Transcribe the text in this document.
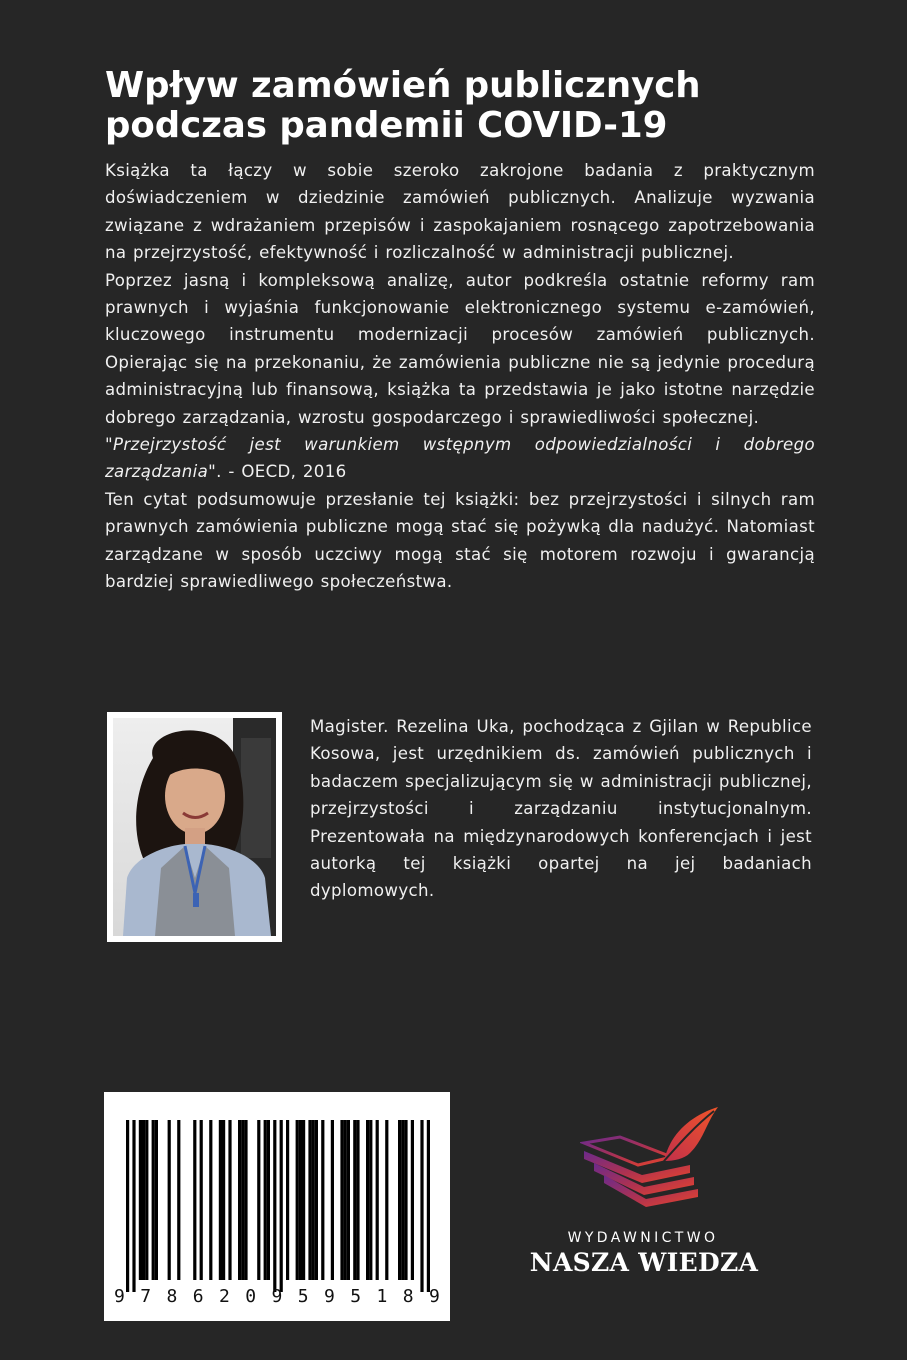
Wpływ zamówień publicznych
podczas pandemii COVID-19

Książka ta łączy w sobie szeroko zakrojone badania z praktycznym doświadczeniem w dziedzinie zamówień publicznych. Analizuje wyzwania związane z wdrażaniem przepisów i zaspokajaniem rosnącego zapotrzebowania na przejrzystość, efektywność i rozliczalność w administracji publicznej.

Poprzez jasną i kompleksową analizę, autor podkreśla ostatnie reformy ram prawnych i wyjaśnia funkcjonowanie elektronicznego systemu e-zamówień, kluczowego instrumentu modernizacji procesów zamówień publicznych. Opierając się na przekonaniu, że zamówienia publiczne nie są jedynie procedurą administracyjną lub finansową, książka ta przedstawia je jako istotne narzędzie dobrego zarządzania, wzrostu gospodarczego i sprawiedliwości społecznej.

"Przejrzystość jest warunkiem wstępnym odpowiedzialności i dobrego zarządzania". - OECD, 2016

Ten cytat podsumowuje przesłanie tej książki: bez przejrzystości i silnych ram prawnych zamówienia publiczne mogą stać się pożywką dla nadużyć. Natomiast zarządzane w sposób uczciwy mogą stać się motorem rozwoju i gwarancją bardziej sprawiedliwego społeczeństwa.

Magister. Rezelina Uka, pochodząca z Gjilan w Republice Kosowa, jest urzędnikiem ds. zamówień publicznych i badaczem specjalizującym się w administracji publicznej, przejrzystości i zarządzaniu instytucjonalnym. Prezentowała na międzynarodowych konferencjach i jest autorką tej książki opartej na jej badaniach dyplomowych.

9 7 8 6 2 0 9 5 9 5 1 8 9
WYDAWNICTWO
NASZA WIEDZA
